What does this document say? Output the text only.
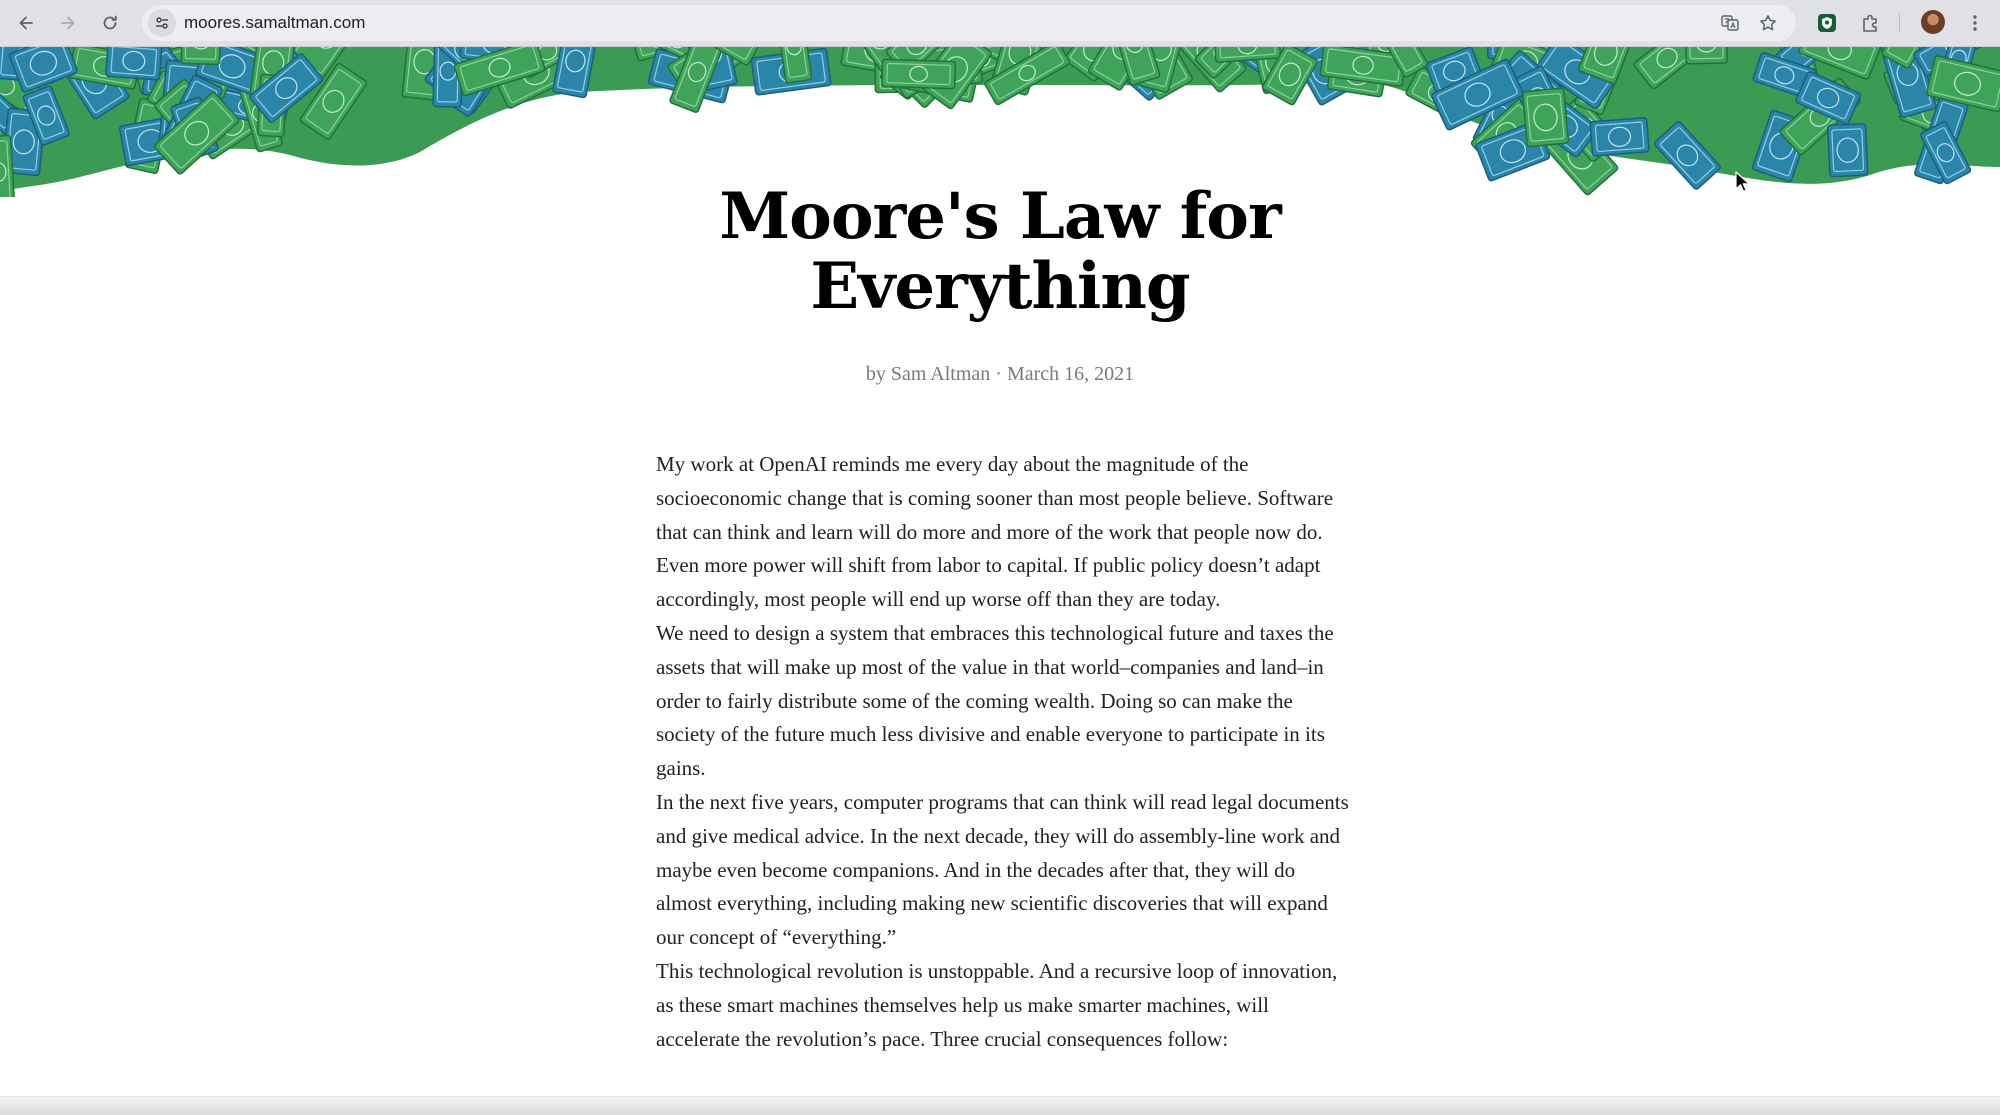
moores.samaltman.com
Moore's Law for
Everything
by Sam Altman · March 16, 2021

My work at OpenAI reminds me every day about the magnitude of the socioeconomic change that is coming sooner than most people believe. Software that can think and learn will do more and more of the work that people now do. Even more power will shift from labor to capital. If public policy doesn’t adapt accordingly, most people will end up worse off than they are today.

We need to design a system that embraces this technological future and taxes the assets that will make up most of the value in that world–companies and land–in order to fairly distribute some of the coming wealth. Doing so can make the society of the future much less divisive and enable everyone to participate in its gains.

In the next five years, computer programs that can think will read legal documents and give medical advice. In the next decade, they will do assembly-line work and maybe even become companions. And in the decades after that, they will do almost everything, including making new scientific discoveries that will expand our concept of “everything.”

This technological revolution is unstoppable. And a recursive loop of innovation, as these smart machines themselves help us make smarter machines, will accelerate the revolution’s pace. Three crucial consequences follow:
